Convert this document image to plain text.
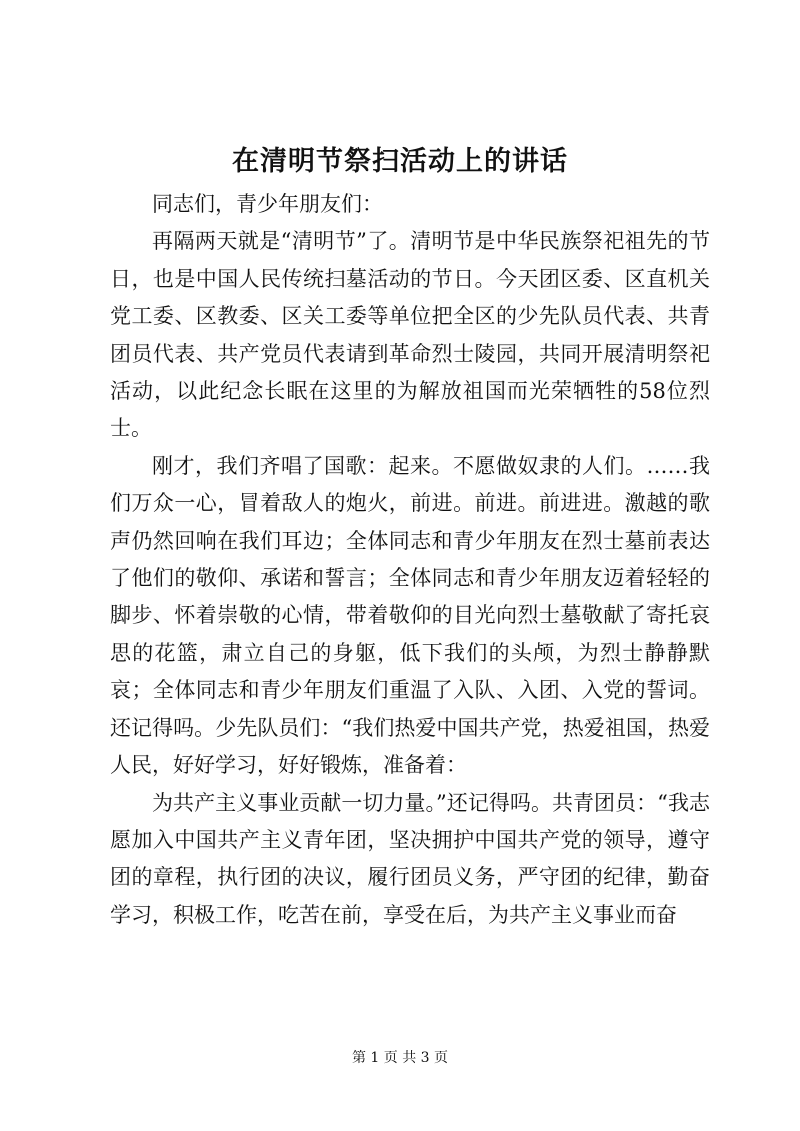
在清明节祭扫活动上的讲话

同志们，青少年朋友们：

再隔两天就是“清明节”了。清明节是中华民族祭祀祖先的节日，也是中国人民传统扫墓活动的节日。今天团区委、区直机关党工委、区教委、区关工委等单位把全区的少先队员代表、共青团员代表、共产党员代表请到革命烈士陵园，共同开展清明祭祀活动，以此纪念长眠在这里的为解放祖国而光荣牺牲的58位烈士。

刚才，我们齐唱了国歌：起来。不愿做奴隶的人们。……我们万众一心，冒着敌人的炮火，前进。前进。前进进。激越的歌声仍然回响在我们耳边；全体同志和青少年朋友在烈士墓前表达了他们的敬仰、承诺和誓言；全体同志和青少年朋友迈着轻轻的脚步、怀着崇敬的心情，带着敬仰的目光向烈士墓敬献了寄托哀思的花篮，肃立自己的身躯，低下我们的头颅，为烈士静静默哀；全体同志和青少年朋友们重温了入队、入团、入党的誓词。还记得吗。少先队员们：“我们热爱中国共产党，热爱祖国，热爱人民，好好学习，好好锻炼，准备着：

为共产主义事业贡献一切力量。”还记得吗。共青团员：“我志愿加入中国共产主义青年团，坚决拥护中国共产党的领导，遵守团的章程，执行团的决议，履行团员义务，严守团的纪律，勤奋学习，积极工作，吃苦在前，享受在后，为共产主义事业而奋

第 1 页 共 3 页
